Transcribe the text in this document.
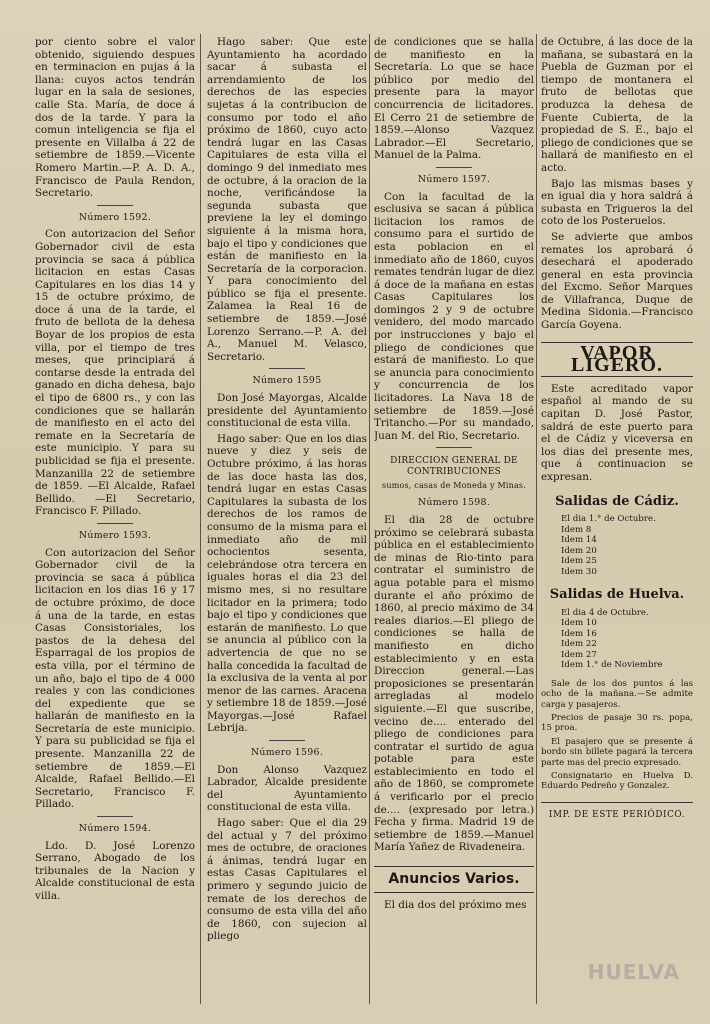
por ciento sobre el valor obtenido, siguiendo despues en terminacion en pujas á la llana: cuyos actos tendrán lugar en la sala de sesiones, calle Sta. María, de doce á dos de la tarde. Y para la comun inteligencia se fija el presente en Villalba á 22 de setiembre de 1859.—Vicente Romero Martin.—P. A. D. A., Francisco de Paula Rendon, Secretario.

Número 1592.

Con autorizacion del Señor Gobernador civil de esta provincia se saca á pública licitacion en estas Casas Capitulares en los dias 14 y 15 de octubre próximo, de doce á una de la tarde, el fruto de bellota de la dehesa Boyar de los propios de esta villa, por el tiempo de tres meses, que principiará á contarse desde la entrada del ganado en dicha dehesa, bajo el tipo de 6800 rs., y con las condiciones que se hallarán de manifiesto en el acto del remate en la Secretaría de este municipio. Y para su publicidad se fija el presente. Manzanilla 22 de setiembre de 1859. —El Alcalde, Rafael Bellido. —El Secretario, Francisco F. Pillado.

Número 1593.

Con autorizacion del Señor Gobernador civil de la provincia se saca á pública licitacion en los dias 16 y 17 de octubre próximo, de doce á una de la tarde, en estas Casas Consistoriales, los pastos de la dehesa del Esparragal de los propios de esta villa, por el término de un año, bajo el tipo de 4 000 reales y con las condiciones del expediente que se hallarán de manifiesto en la Secretaría de este municipio. Y para su publicidad se fija el presente. Manzanilla 22 de setiembre de 1859.—El Alcalde, Rafael Bellido.—El Secretario, Francisco F. Pillado.

Número 1594.

Ldo. D. José Lorenzo Serrano, Abogado de los tribunales de la Nacion y Alcalde constitucional de esta villa.

Hago saber: Que este Ayuntamiento ha acordado sacar á subasta el arrendamiento de los derechos de las especies sujetas á la contribucion de consumo por todo el año próximo de 1860, cuyo acto tendrá lugar en las Casas Capitulares de esta villa el domingo 9 del inmediato mes de octubre, á la oracion de la noche, verificándose la segunda subasta que previene la ley el domingo siguiente á la misma hora, bajo el tipo y condiciones que están de manifiesto en la Secretaría de la corporacion. Y para conocimiento del público se fija el presente. Zalamea la Real 16 de setiembre de 1859.—José Lorenzo Serrano.—P. A. del A., Manuel M. Velasco, Secretario.

Número 1595

Don José Mayorgas, Alcalde presidente del Ayuntamiento constitucional de esta villa.

Hago saber: Que en los dias nueve y diez y seis de Octubre próximo, á las horas de las doce hasta las dos, tendrá lugar en estas Casas Capitulares la subasta de los derechos de los ramos de consumo de la misma para el inmediato año de mil ochocientos sesenta, celebrándose otra tercera en iguales horas el dia 23 del mismo mes, si no resultare licitador en la primera; todo bajo el tipo y condiciones que estarán de manifiesto. Lo que se anuncia al público con la advertencia de que no se halla concedida la facultad de la exclusiva de la venta al por menor de las carnes. Aracena y setiembre 18 de 1859.—José Mayorgas.—José Rafael Lebrija.

Número 1596.

Don Alonso Vazquez Labrador, Alcalde presidente del Ayuntamiento constitucional de esta villa.

Hago saber: Que el dia 29 del actual y 7 del próximo mes de octubre, de oraciones á ánimas, tendrá lugar en estas Casas Capitulares el primero y segundo juicio de remate de los derechos de consumo de esta villa del año de 1860, con sujecion al pliego

de condiciones que se halla de manifiesto en la Secretaría. Lo que se hace público por medio del presente para la mayor concurrencia de licitadores. El Cerro 21 de setiembre de 1859.—Alonso Vazquez Labrador.—El Secretario, Manuel de la Palma.

Número 1597.

Con la facultad de la esclusiva se sacan á pública licitacion los ramos de consumo para el surtido de esta poblacion en el inmediato año de 1860, cuyos remates tendrán lugar de diez á doce de la mañana en estas Casas Capitulares los domingos 2 y 9 de octubre venidero, del modo marcado por instrucciones y bajo el pliego de condiciones que estará de manifiesto. Lo que se anuncia para conocimiento y concurrencia de los licitadores. La Nava 18 de setiembre de 1859.—José Tritancho.—Por su mandado, Juan M. del Rio, Secretario.

DIRECCION GENERAL DE CONTRIBUCIONES
sumos, casas de Moneda y Minas.
Número 1598.

El dia 28 de octubre próximo se celebrará subasta pública en el establecimiento de minas de Rio-tinto para contratar el suministro de agua potable para el mismo durante el año próximo de 1860, al precio máximo de 34 reales diarios.—El pliego de condiciones se halla de manifiesto en dicho establecimiento y en esta Direccion general.—Las proposiciones se presentarán arregladas al modelo siguiente.—El que suscribe, vecino de.... enterado del pliego de condiciones para contratar el surtido de agua potable para este establecimiento en todo el año de 1860, se compromete á verificarlo por el precio de.... (expresado por letra.) Fecha y firma. Madrid 19 de setiembre de 1859.—Manuel María Yañez de Rivadeneira.

Anuncios Varios.

El dia dos del próximo mes

de Octubre, á las doce de la mañana, se subastará en la Puebla de Guzman por el tiempo de montanera el fruto de bellotas que produzca la dehesa de Fuente Cubierta, de la propiedad de S. E., bajo el pliego de condiciones que se hallará de manifiesto en el acto.

Bajo las mismas bases y en igual dia y hora saldrá á subasta en Trigueros la del coto de los Posteruelos.

Se advierte que ambos remates los aprobará ó desechará el apoderado general en esta provincia del Excmo. Señor Marques de Villafranca, Duque de Medina Sidonia.—Francisco García Goyena.

VAPOR LIGERO.

Este acreditado vapor español al mando de su capitan D. José Pastor, saldrá de este puerto para el de Cádiz y viceversa en los dias del presente mes, que á continuacion se expresan.

Salidas de Cádiz.
El dia 1.° de Octubre.
Idem 8
Idem 14
Idem 20
Idem 25
Idem 30
Salidas de Huelva.
El dia 4 de Octubre.
Idem 10
Idem 16
Idem 22
Idem 27
Idem 1.° de Noviembre

Sale de los dos puntos á las ocho de la mañana.—Se admite carga y pasajeros.

Precios de pasaje 30 rs. popa, 15 proa.

El pasajero que se presente á bordo sin billete pagará la tercera parte mas del precio expresado.

Consignatario en Huelva D. Eduardo Pedreño y Gonzalez.

IMP. DE ESTE PERIÓDICO.
HUELVA
